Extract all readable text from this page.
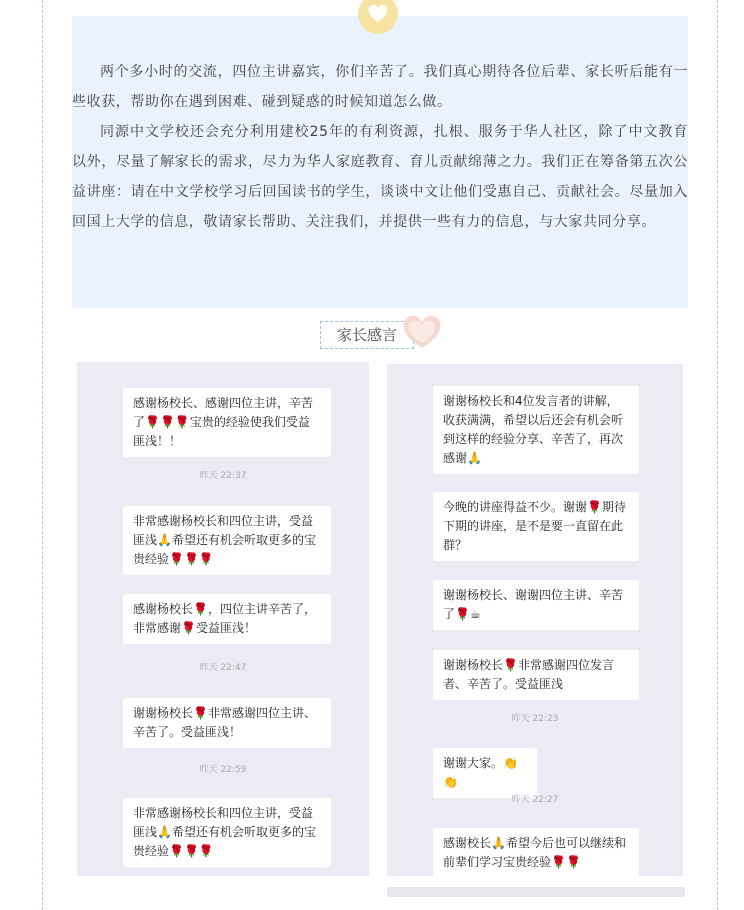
两个多小时的交流，四位主讲嘉宾，你们辛苦了。我们真心期待各位后辈、家长听后能有一些收获，帮助你在遇到困难、碰到疑惑的时候知道怎么做。

同源中文学校还会充分利用建校25年的有利资源，扎根、服务于华人社区，除了中文教育以外，尽量了解家长的需求，尽力为华人家庭教育、育儿贡献绵薄之力。我们正在筹备第五次公益讲座：请在中文学校学习后回国读书的学生，谈谈中文让他们受惠自己、贡献社会。尽量加入回国上大学的信息，敬请家长帮助、关注我们，并提供一些有力的信息，与大家共同分享。

家长感言
感谢杨校长、感谢四位主讲，辛苦了🌹🌹🌹宝贵的经验使我们受益匪浅！！
昨天 22:37
非常感谢杨校长和四位主讲，受益匪浅🙏希望还有机会听取更多的宝贵经验🌹🌹🌹
感谢杨校长🌹，四位主讲辛苦了，非常感谢🌹受益匪浅！
昨天 22:47
谢谢杨校长🌹非常感谢四位主讲、辛苦了。受益匪浅！
昨天 22:59
非常感谢杨校长和四位主讲，受益匪浅🙏希望还有机会听取更多的宝贵经验🌹🌹🌹
谢谢杨校长和4位发言者的讲解，收获满满，希望以后还会有机会听到这样的经验分享、辛苦了，再次感谢🙏
今晚的讲座得益不少。谢谢🌹期待下期的讲座，是不是要一直留在此群？
谢谢杨校长、谢谢四位主讲、辛苦了🌹☕
谢谢杨校长🌹非常感谢四位发言者、辛苦了。受益匪浅
昨天 22:23
谢谢大家。👏👏
昨天 22:27
感谢校长🙏希望今后也可以继续和前辈们学习宝贵经验🌹🌹
